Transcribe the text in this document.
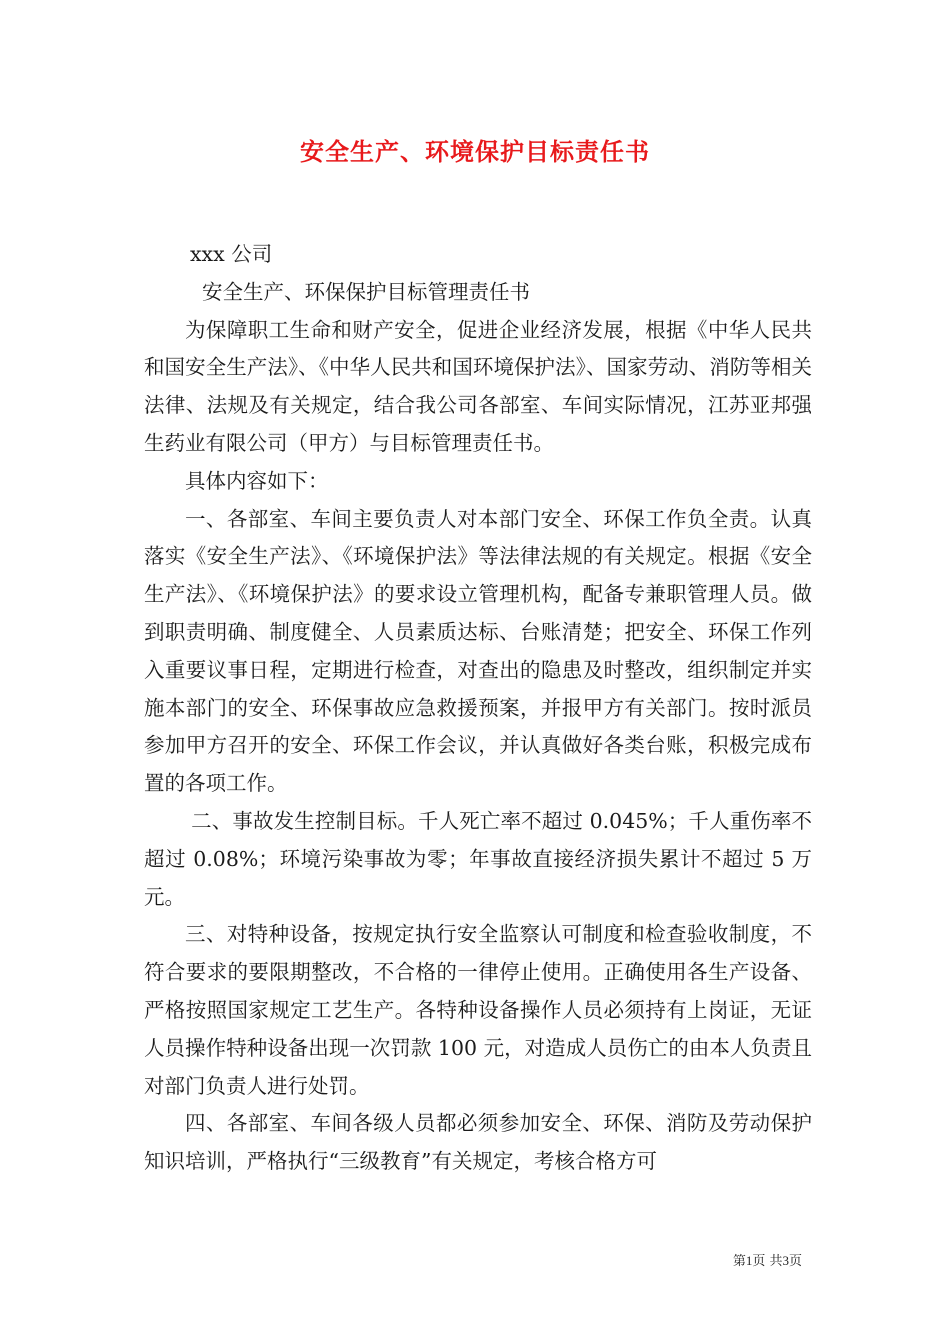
安全生产、环境保护目标责任书

xxx 公司

安全生产、环保保护目标管理责任书

为保障职工生命和财产安全，促进企业经济发展，根据《中华人民共和国安全生产法》、《中华人民共和国环境保护法》、国家劳动、消防等相关法律、法规及有关规定，结合我公司各部室、车间实际情况，江苏亚邦强生药业有限公司（甲方）与目标管理责任书。

具体内容如下：

一、各部室、车间主要负责人对本部门安全、环保工作负全责。认真落实《安全生产法》、《环境保护法》等法律法规的有关规定。根据《安全生产法》、《环境保护法》的要求设立管理机构，配备专兼职管理人员。做到职责明确、制度健全、人员素质达标、台账清楚；把安全、环保工作列入重要议事日程，定期进行检查，对查出的隐患及时整改，组织制定并实施本部门的安全、环保事故应急救援预案，并报甲方有关部门。按时派员参加甲方召开的安全、环保工作会议，并认真做好各类台账，积极完成布置的各项工作。

二、事故发生控制目标。千人死亡率不超过 0.045%；千人重伤率不超过 0.08%；环境污染事故为零；年事故直接经济损失累计不超过 5 万元。

三、对特种设备，按规定执行安全监察认可制度和检查验收制度，不符合要求的要限期整改，不合格的一律停止使用。正确使用各生产设备、严格按照国家规定工艺生产。各特种设备操作人员必须持有上岗证，无证人员操作特种设备出现一次罚款 100 元，对造成人员伤亡的由本人负责且对部门负责人进行处罚。

四、各部室、车间各级人员都必须参加安全、环保、消防及劳动保护知识培训，严格执行“三级教育”有关规定，考核合格方可

第1页 共3页
